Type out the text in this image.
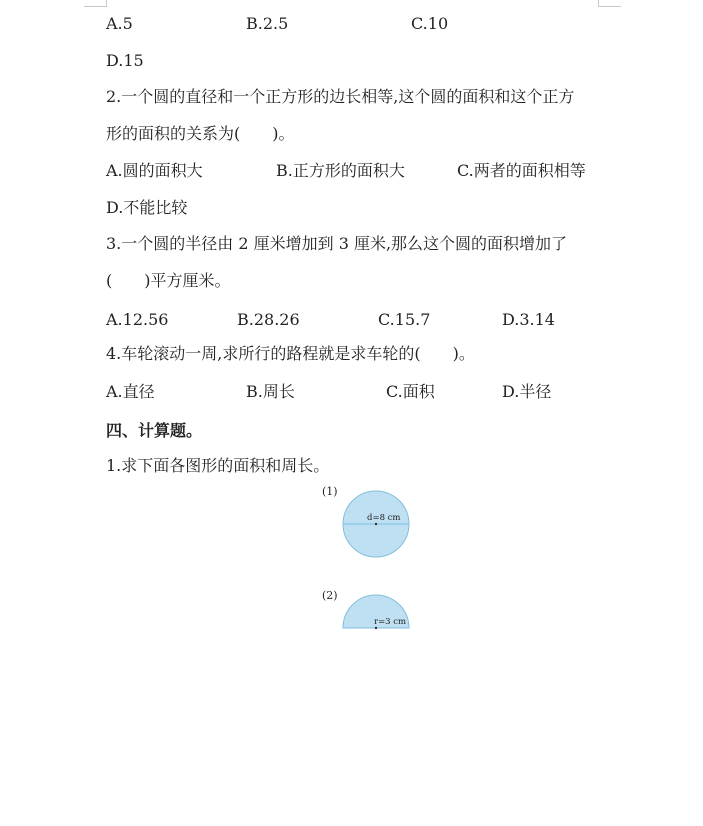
A.5	B.2.5	C.10
D.15
2.一个圆的直径和一个正方形的边长相等,这个圆的面积和这个正方
形的面积的关系为(　　)。
A.圆的面积大	B.正方形的面积大	C.两者的面积相等
D.不能比较
3.一个圆的半径由 2 厘米增加到 3 厘米,那么这个圆的面积增加了
(　　)平方厘米。
A.12.56	B.28.26	C.15.7	D.3.14
4.车轮滚动一周,求所行的路程就是求车轮的(　　)。
A.直径	B.周长	C.面积	D.半径
四、计算题。
1.求下面各图形的面积和周长。
(1)
d=8 cm
(2)
r=3 cm
